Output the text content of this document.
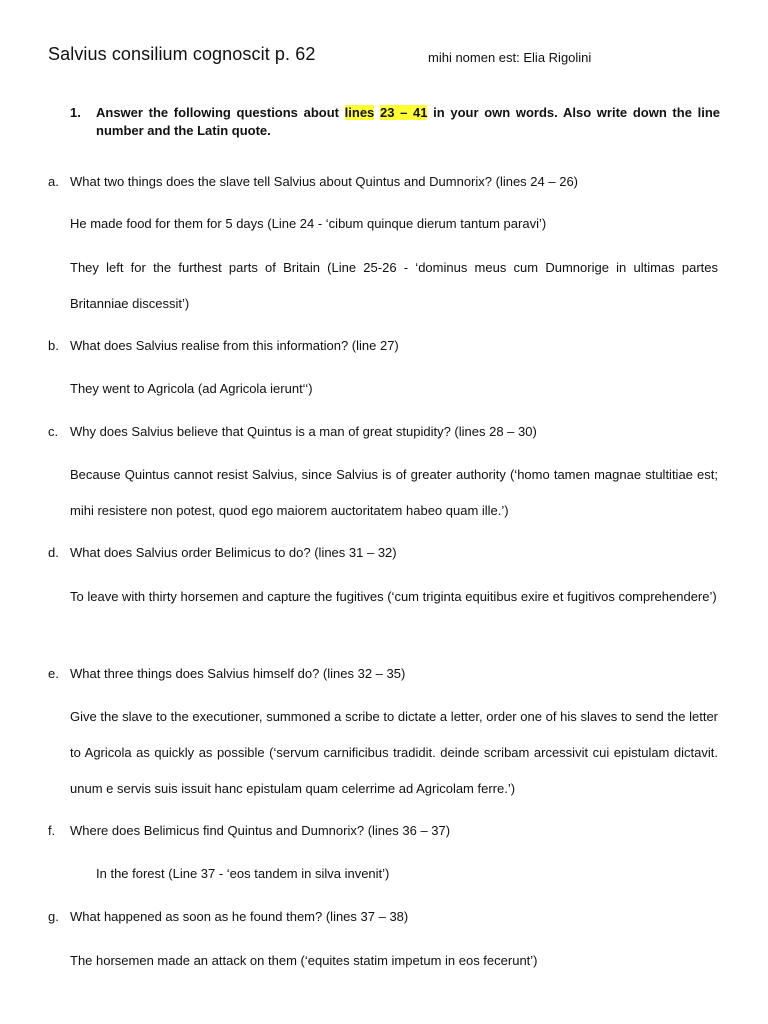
Salvius consilium cognoscit p. 62	mihi nomen est: Elia Rigolini
1. Answer the following questions about lines 23 – 41 in your own words. Also write down the line number and the Latin quote.
a. What two things does the slave tell Salvius about Quintus and Dumnorix? (lines 24 – 26)
He made food for them for 5 days (Line 24 - ‘cibum quinque dierum tantum paravi’)
They left for the furthest parts of Britain (Line 25-26 - ‘dominus meus cum Dumnorige in ultimas partes Britanniae discessit’)
b. What does Salvius realise from this information? (line 27)
They went to Agricola (ad Agricola ierunt‘‘)
c. Why does Salvius believe that Quintus is a man of great stupidity? (lines 28 – 30)
Because Quintus cannot resist Salvius, since Salvius is of greater authority (‘homo tamen magnae stultitiae est; mihi resistere non potest, quod ego maiorem auctoritatem habeo quam ille.’)
d. What does Salvius order Belimicus to do? (lines 31 – 32)
To leave with thirty horsemen and capture the fugitives (‘cum triginta equitibus exire et fugitivos comprehendere’)
e. What three things does Salvius himself do? (lines 32 – 35)
Give the slave to the executioner, summoned a scribe to dictate a letter, order one of his slaves to send the letter to Agricola as quickly as possible (‘servum carnificibus tradidit. deinde scribam arcessivit cui epistulam dictavit. unum e servis suis issuit hanc epistulam quam celerrime ad Agricolam ferre.’)
f.	Where does Belimicus find Quintus and Dumnorix? (lines 36 – 37)
In the forest (Line 37 - ‘eos tandem in silva invenit’)
g. What happened as soon as he found them? (lines 37 – 38)
The horsemen made an attack on them (‘equites statim impetum in eos fecerunt’)
